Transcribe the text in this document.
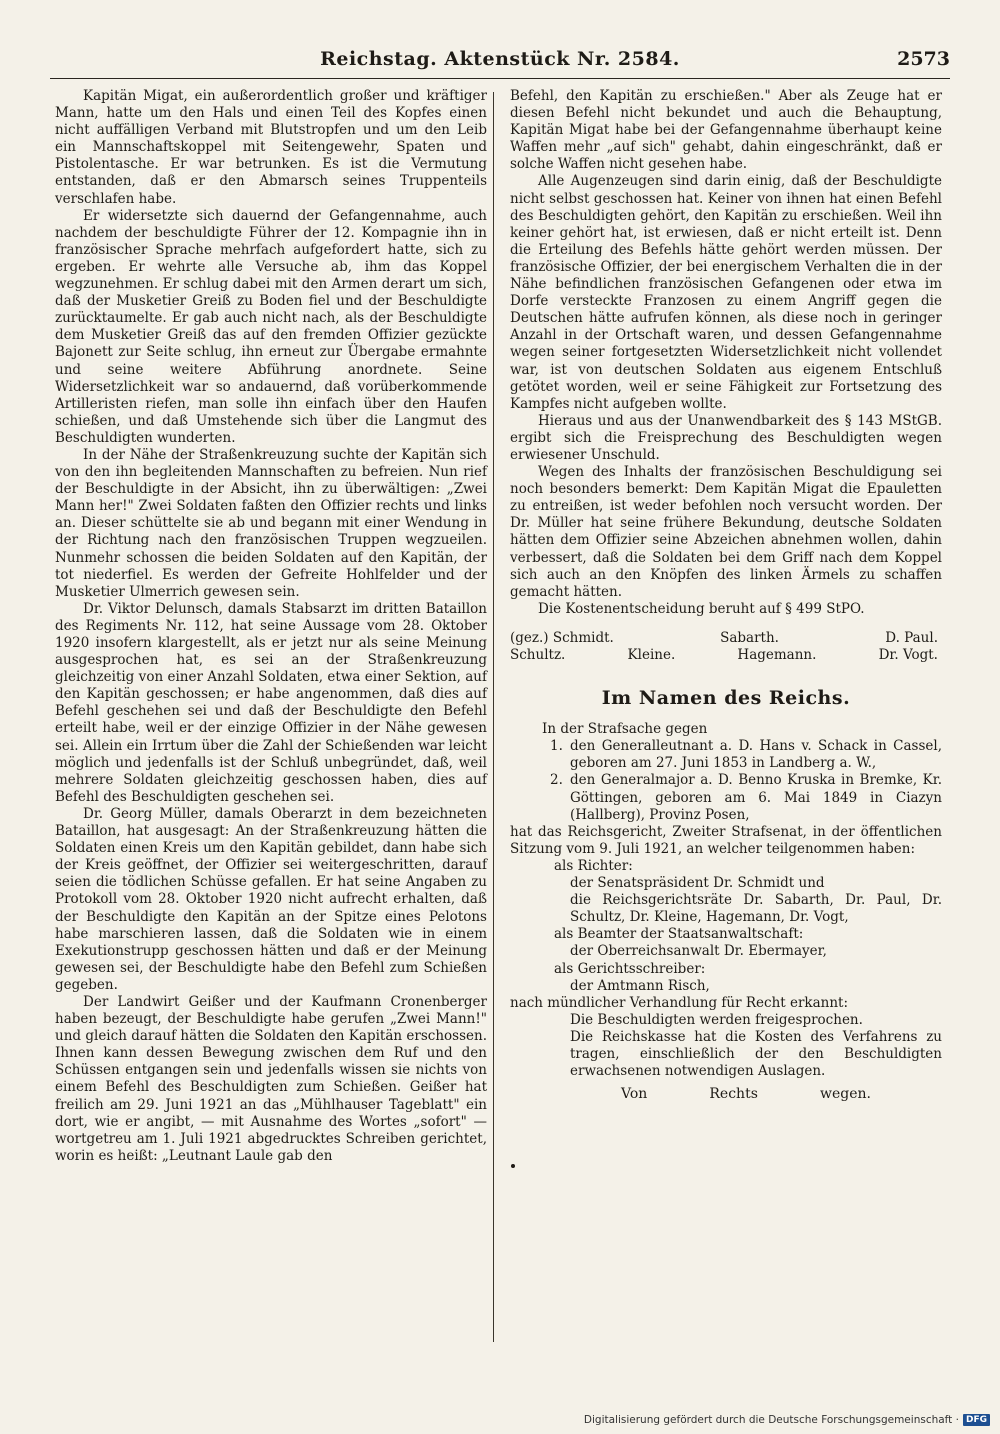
Reichstag. Aktenstück Nr. 2584.	2573

Kapitän Migat, ein außerordentlich großer und kräftiger Mann, hatte um den Hals und einen Teil des Kopfes einen nicht auffälligen Verband mit Blutstropfen und um den Leib ein Mannschaftskoppel mit Seitengewehr, Spaten und Pistolentasche. Er war betrunken. Es ist die Vermutung entstanden, daß er den Abmarsch seines Truppenteils verschlafen habe.

Er widersetzte sich dauernd der Gefangennahme, auch nachdem der beschuldigte Führer der 12. Kompagnie ihn in französischer Sprache mehrfach aufgefordert hatte, sich zu ergeben. Er wehrte alle Versuche ab, ihm das Koppel wegzunehmen. Er schlug dabei mit den Armen derart um sich, daß der Musketier Greiß zu Boden fiel und der Beschuldigte zurücktaumelte. Er gab auch nicht nach, als der Beschuldigte dem Musketier Greiß das auf den fremden Offizier gezückte Bajonett zur Seite schlug, ihn erneut zur Übergabe ermahnte und seine weitere Abführung anordnete. Seine Widersetzlichkeit war so andauernd, daß vorüberkommende Artilleristen riefen, man solle ihn einfach über den Haufen schießen, und daß Umstehende sich über die Langmut des Beschuldigten wunderten.

In der Nähe der Straßenkreuzung suchte der Kapitän sich von den ihn begleitenden Mannschaften zu befreien. Nun rief der Beschuldigte in der Absicht, ihn zu überwältigen: „Zwei Mann her!" Zwei Soldaten faßten den Offizier rechts und links an. Dieser schüttelte sie ab und begann mit einer Wendung in der Richtung nach den französischen Truppen wegzueilen. Nunmehr schossen die beiden Soldaten auf den Kapitän, der tot niederfiel. Es werden der Gefreite Hohlfelder und der Musketier Ulmerrich gewesen sein.

Dr. Viktor Delunsch, damals Stabsarzt im dritten Bataillon des Regiments Nr. 112, hat seine Aussage vom 28. Oktober 1920 insofern klargestellt, als er jetzt nur als seine Meinung ausgesprochen hat, es sei an der Straßenkreuzung gleichzeitig von einer Anzahl Soldaten, etwa einer Sektion, auf den Kapitän geschossen; er habe angenommen, daß dies auf Befehl geschehen sei und daß der Beschuldigte den Befehl erteilt habe, weil er der einzige Offizier in der Nähe gewesen sei. Allein ein Irrtum über die Zahl der Schießenden war leicht möglich und jedenfalls ist der Schluß unbegründet, daß, weil mehrere Soldaten gleichzeitig geschossen haben, dies auf Befehl des Beschuldigten geschehen sei.

Dr. Georg Müller, damals Oberarzt in dem bezeichneten Bataillon, hat ausgesagt: An der Straßenkreuzung hätten die Soldaten einen Kreis um den Kapitän gebildet, dann habe sich der Kreis geöffnet, der Offizier sei weitergeschritten, darauf seien die tödlichen Schüsse gefallen. Er hat seine Angaben zu Protokoll vom 28. Oktober 1920 nicht aufrecht erhalten, daß der Beschuldigte den Kapitän an der Spitze eines Pelotons habe marschieren lassen, daß die Soldaten wie in einem Exekutionstrupp geschossen hätten und daß er der Meinung gewesen sei, der Beschuldigte habe den Befehl zum Schießen gegeben.

Der Landwirt Geißer und der Kaufmann Cronenberger haben bezeugt, der Beschuldigte habe gerufen „Zwei Mann!" und gleich darauf hätten die Soldaten den Kapitän erschossen. Ihnen kann dessen Bewegung zwischen dem Ruf und den Schüssen entgangen sein und jedenfalls wissen sie nichts von einem Befehl des Beschuldigten zum Schießen. Geißer hat freilich am 29. Juni 1921 an das „Mühlhauser Tageblatt" ein dort, wie er angibt, — mit Ausnahme des Wortes „sofort" — wortgetreu am 1. Juli 1921 abgedrucktes Schreiben gerichtet, worin es heißt: „Leutnant Laule gab den

Befehl, den Kapitän zu erschießen." Aber als Zeuge hat er diesen Befehl nicht bekundet und auch die Behauptung, Kapitän Migat habe bei der Gefangennahme überhaupt keine Waffen mehr „auf sich" gehabt, dahin eingeschränkt, daß er solche Waffen nicht gesehen habe.

Alle Augenzeugen sind darin einig, daß der Beschuldigte nicht selbst geschossen hat. Keiner von ihnen hat einen Befehl des Beschuldigten gehört, den Kapitän zu erschießen. Weil ihn keiner gehört hat, ist erwiesen, daß er nicht erteilt ist. Denn die Erteilung des Befehls hätte gehört werden müssen. Der französische Offizier, der bei energischem Verhalten die in der Nähe befindlichen französischen Gefangenen oder etwa im Dorfe versteckte Franzosen zu einem Angriff gegen die Deutschen hätte aufrufen können, als diese noch in geringer Anzahl in der Ortschaft waren, und dessen Gefangennahme wegen seiner fortgesetzten Widersetzlichkeit nicht vollendet war, ist von deutschen Soldaten aus eigenem Entschluß getötet worden, weil er seine Fähigkeit zur Fortsetzung des Kampfes nicht aufgeben wollte.

Hieraus und aus der Unanwendbarkeit des § 143 MStGB. ergibt sich die Freisprechung des Beschuldigten wegen erwiesener Unschuld.

Wegen des Inhalts der französischen Beschuldigung sei noch besonders bemerkt: Dem Kapitän Migat die Epauletten zu entreißen, ist weder befohlen noch versucht worden. Der Dr. Müller hat seine frühere Bekundung, deutsche Soldaten hätten dem Offizier seine Abzeichen abnehmen wollen, dahin verbessert, daß die Soldaten bei dem Griff nach dem Koppel sich auch an den Knöpfen des linken Ärmels zu schaffen gemacht hätten.

Die Kostenentscheidung beruht auf § 499 StPO.

(gez.) Schmidt.	Sabarth.	D. Paul.
Schultz.	Kleine.	Hagemann.	Dr. Vogt.
Im Namen des Reichs.

In der Strafsache gegen

1. den Generalleutnant a. D. Hans v. Schack in Cassel, geboren am 27. Juni 1853 in Landberg a. W.,
2. den Generalmajor a. D. Benno Kruska in Bremke, Kr. Göttingen, geboren am 6. Mai 1849 in Ciazyn (Hallberg), Provinz Posen,

hat das Reichsgericht, Zweiter Strafsenat, in der öffentlichen Sitzung vom 9. Juli 1921, an welcher teilgenommen haben:

als Richter:

der Senatspräsident Dr. Schmidt und

die Reichsgerichtsräte Dr. Sabarth, Dr. Paul, Dr. Schultz, Dr. Kleine, Hagemann, Dr. Vogt,

als Beamter der Staatsanwaltschaft:

der Oberreichsanwalt Dr. Ebermayer,

als Gerichtsschreiber:

der Amtmann Risch,

nach mündlicher Verhandlung für Recht erkannt:

Die Beschuldigten werden freigesprochen.

Die Reichskasse hat die Kosten des Verfahrens zu tragen, einschließlich der den Beschuldigten erwachsenen notwendigen Auslagen.

Von	Rechts	wegen.
Digitalisierung gefördert durch die Deutsche Forschungsgemeinschaft · DFG
